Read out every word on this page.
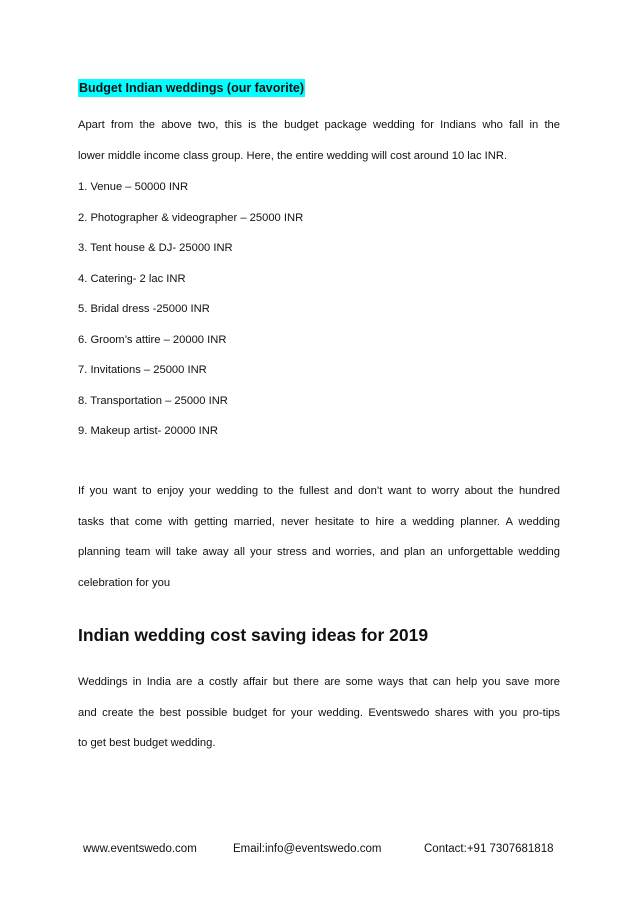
Budget Indian weddings (our favorite)

Apart from the above two, this is the budget package wedding for Indians who fall in the
lower middle income class group. Here, the entire wedding will cost around 10 lac INR.

1. Venue – 50000 INR
2. Photographer & videographer – 25000 INR
3. Tent house & DJ- 25000 INR
4. Catering- 2 lac INR
5. Bridal dress -25000 INR
6. Groom’s attire – 20000 INR
7. Invitations – 25000 INR
8. Transportation – 25000 INR
9. Makeup artist- 20000 INR

If you want to enjoy your wedding to the fullest and don’t want to worry about the hundred
tasks that come with getting married, never hesitate to hire a wedding planner. A wedding
planning team will take away all your stress and worries, and plan an unforgettable wedding
celebration for you

Indian wedding cost saving ideas for 2019

Weddings in India are a costly affair but there are some ways that can help you save more
and create the best possible budget for your wedding. Eventswedo shares with you pro-tips
to get best budget wedding.

www.eventswedo.com	Email:info@eventswedo.com	Contact:+91 7307681818
